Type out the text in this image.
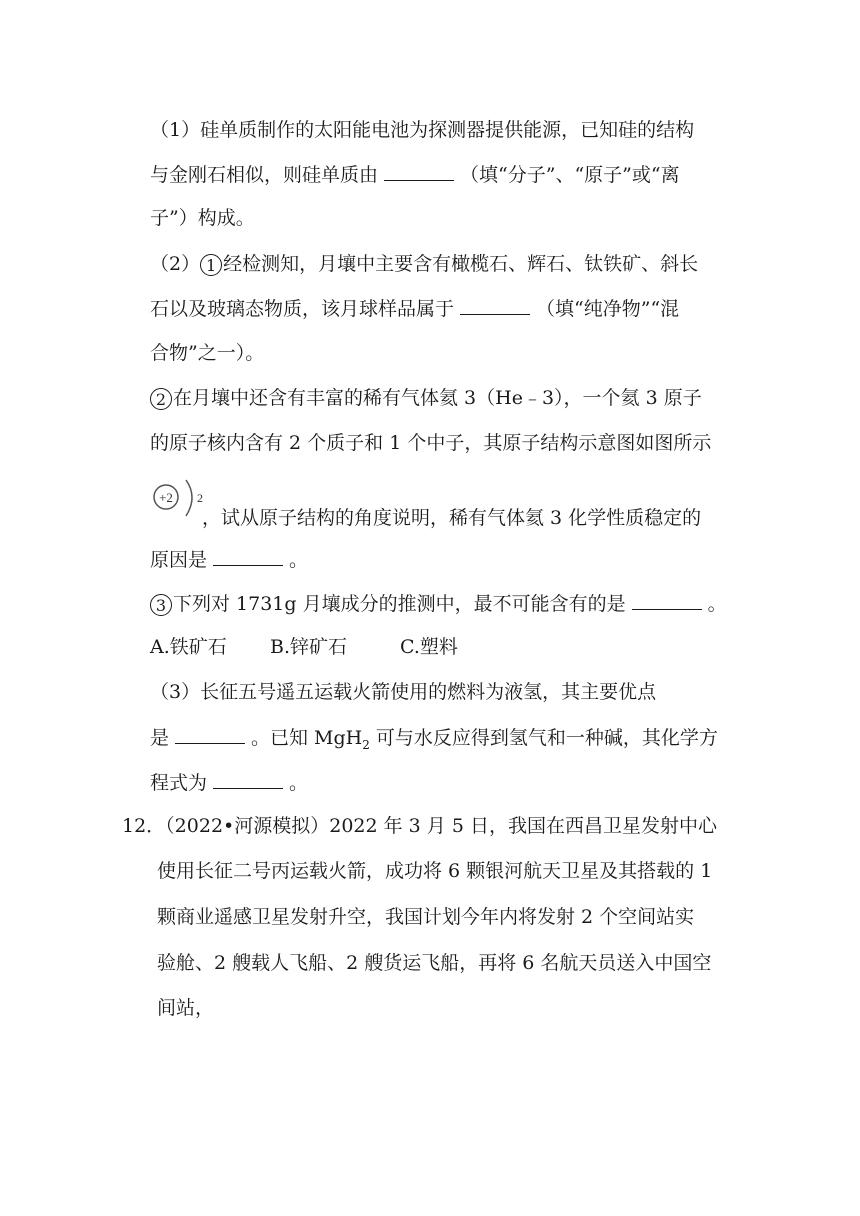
（1）硅单质制作的太阳能电池为探测器提供能源，已知硅的结构
与金刚石相似，则硅单质由	（填“分子”、“原子”或“离
子”）构成。
（2） 1 经检测知，月壤中主要含有橄榄石、辉石、钛铁矿、斜长
石以及玻璃态物质，该月球样品属于	（填“纯净物”“混
合物”之一）。
2 在月壤中还含有丰富的稀有气体氦 3（He﹣3），一个氦 3 原子
的原子核内含有 2 个质子和 1 个中子，其原子结构示意图如图所示
+2 2
，试从原子结构的角度说明，稀有气体氦 3 化学性质稳定的
原因是	。
3 下列对 1731g 月壤成分的推测中，最不可能含有的是	。
A.铁矿石 B.锌矿石	C.塑料
（3）长征五号遥五运载火箭使用的燃料为液氢，其主要优点
是	。已知 MgH$_2$ 可与水反应得到氢气和一种碱，其化学方
程式为	。
12．（2022•河源模拟）2022 年 3 月 5 日，我国在西昌卫星发射中心
使用长征二号丙运载火箭，成功将 6 颗银河航天卫星及其搭载的 1
颗商业遥感卫星发射升空，我国计划今年内将发射 2 个空间站实
验舱、2 艘载人飞船、2 艘货运飞船，再将 6 名航天员送入中国空
间站，
